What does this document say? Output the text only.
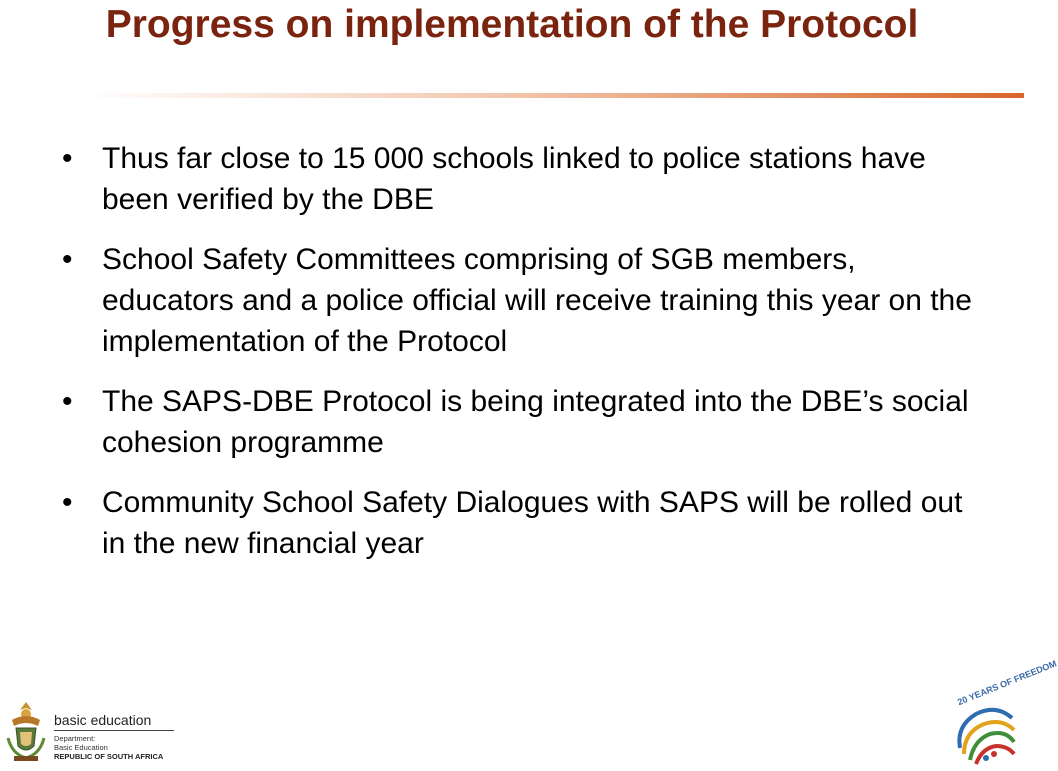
Progress on implementation of the Protocol
• Thus far close to 15 000 schools linked to police stations have been verified by the DBE
• School Safety Committees comprising of SGB members, educators and a police official will receive training this year on the implementation of the Protocol
• The SAPS-DBE Protocol is being integrated into the DBE’s social cohesion programme
• Community School Safety Dialogues with SAPS will be rolled out in the new financial year
basic education
Department:
Basic Education
REPUBLIC OF SOUTH AFRICA
20 YEARS OF FREEDOM
